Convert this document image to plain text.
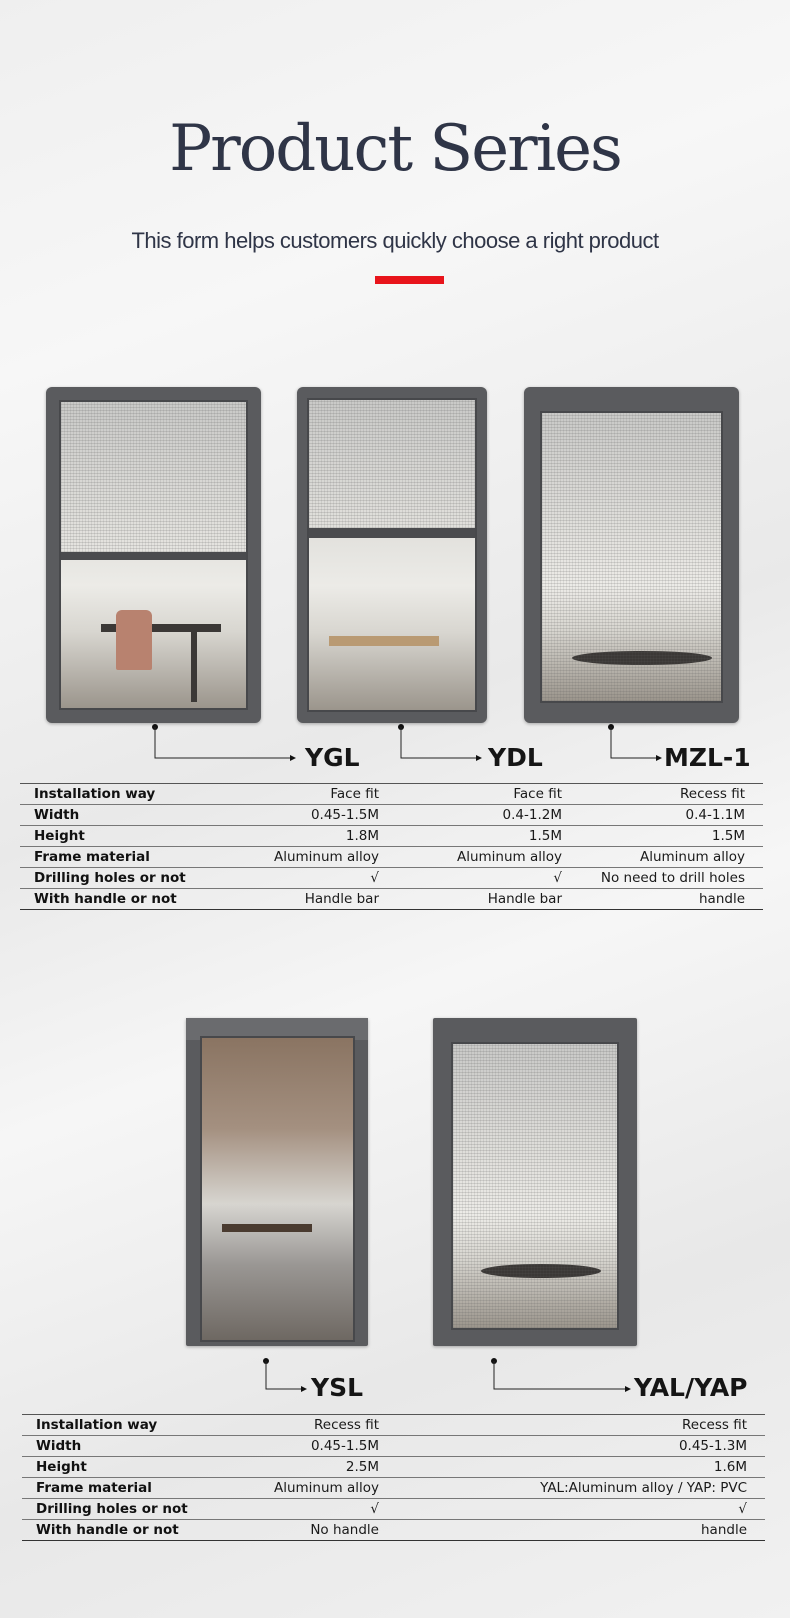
Product Series
This form helps customers quickly choose a right product
YGL	YDL	MZL-1
Installation way	Face fit	Face fit	Recess fit
Width	0.45-1.5M	0.4-1.2M	0.4-1.1M
Height	1.8M	1.5M	1.5M
Frame material	Aluminum alloy	Aluminum alloy	Aluminum alloy
Drilling holes or not	√	√	No need to drill holes
With handle or not	Handle bar	Handle bar	handle
YSL	YAL/YAP
Installation way	Recess fit	Recess fit
Width	0.45-1.5M	0.45-1.3M
Height	2.5M	1.6M
Frame material	Aluminum alloy	YAL:Aluminum alloy / YAP: PVC
Drilling holes or not	√	√
With handle or not	No handle	handle
